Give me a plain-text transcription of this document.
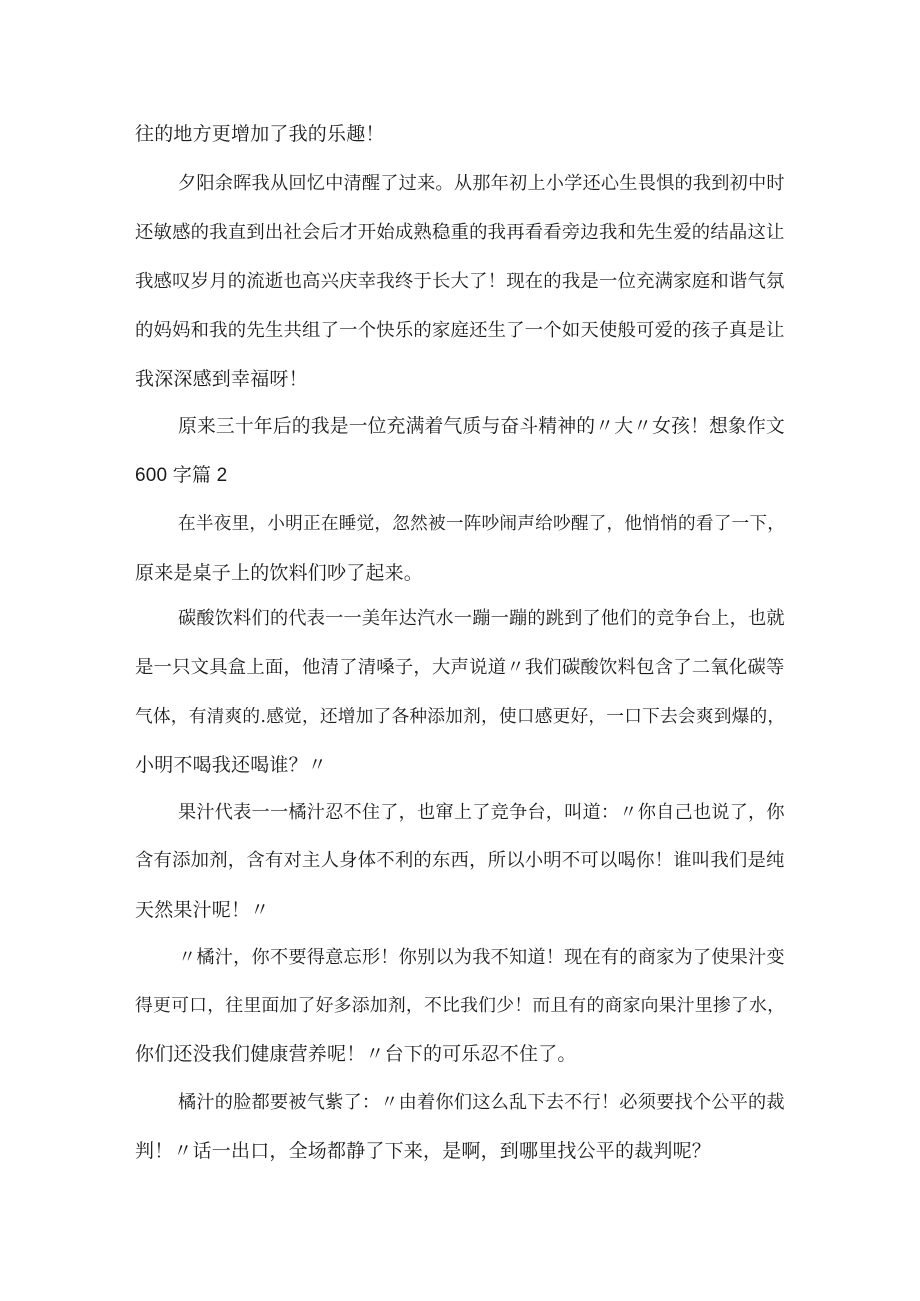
往的地方更增加了我的乐趣！
夕阳余晖我从回忆中清醒了过来。从那年初上小学还心生畏惧的我到初中时
还敏感的我直到出社会后才开始成熟稳重的我再看看旁边我和先生爱的结晶这让
我感叹岁月的流逝也高兴庆幸我终于长大了！现在的我是一位充满家庭和谐气氛
的妈妈和我的先生共组了一个快乐的家庭还生了一个如天使般可爱的孩子真是让
我深深感到幸福呀！
原来三十年后的我是一位充满着气质与奋斗精神的〃大〃女孩！想象作文
600 字篇 2
在半夜里，小明正在睡觉，忽然被一阵吵闹声给吵醒了，他悄悄的看了一下，
原来是桌子上的饮料们吵了起来。
碳酸饮料们的代表一一美年达汽水一蹦一蹦的跳到了他们的竞争台上，也就
是一只文具盒上面，他清了清嗓子，大声说道〃我们碳酸饮料包含了二氧化碳等
气体，有清爽的.感觉，还增加了各种添加剂，使口感更好，一口下去会爽到爆的，
小明不喝我还喝谁？〃
果汁代表一一橘汁忍不住了，也窜上了竞争台，叫道：〃你自己也说了，你
含有添加剂，含有对主人身体不利的东西，所以小明不可以喝你！谁叫我们是纯
天然果汁呢！〃
〃橘汁，你不要得意忘形！你别以为我不知道！现在有的商家为了使果汁变
得更可口，往里面加了好多添加剂，不比我们少！而且有的商家向果汁里掺了水，
你们还没我们健康营养呢！〃台下的可乐忍不住了。
橘汁的脸都要被气紫了：〃由着你们这么乱下去不行！必须要找个公平的裁
判！〃话一出口，全场都静了下来，是啊，到哪里找公平的裁判呢？
